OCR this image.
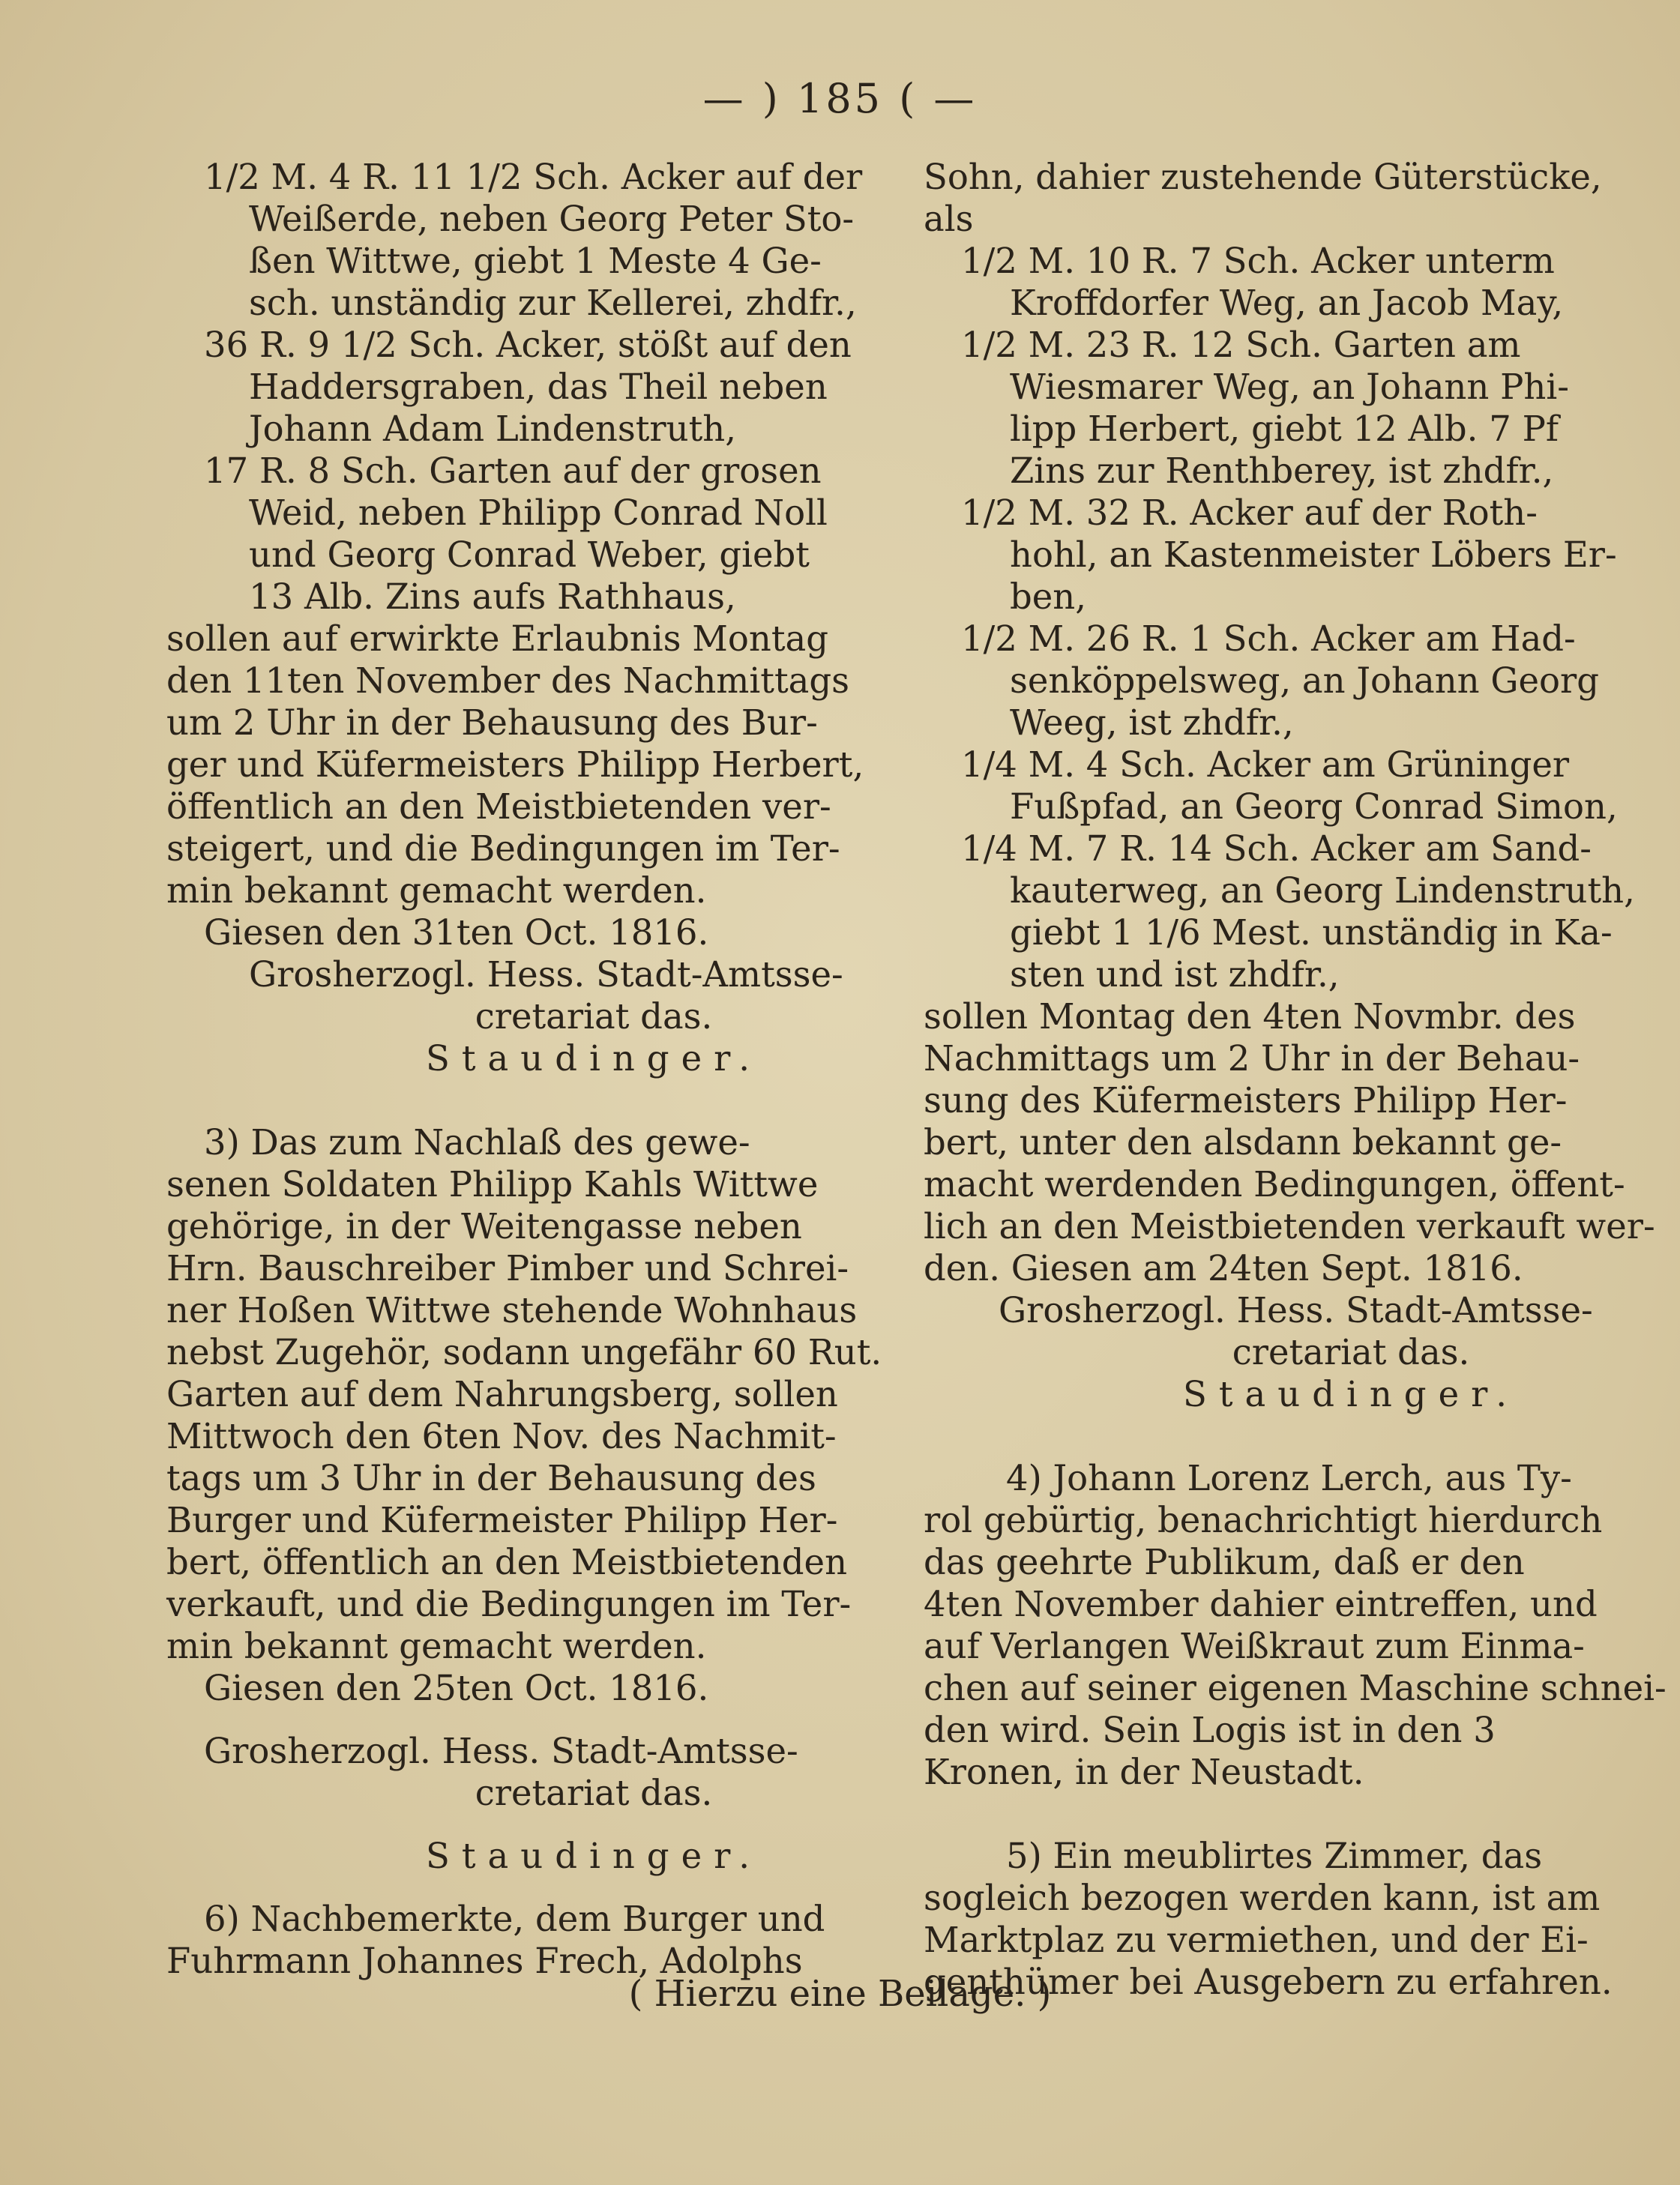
— ) 185 ( —

1/2 M. 4 R. 11 1/2 Sch. Acker auf der

Weißerde, neben Georg Peter Sto-

ßen Wittwe, giebt 1 Meste 4 Ge-

sch. unständig zur Kellerei, zhdfr.,

36 R. 9 1/2 Sch. Acker, stößt auf den

Haddersgraben, das Theil neben

Johann Adam Lindenstruth,

17 R. 8 Sch. Garten auf der grosen

Weid, neben Philipp Conrad Noll

und Georg Conrad Weber, giebt

13 Alb. Zins aufs Rathhaus,

sollen auf erwirkte Erlaubnis Montag

den 11ten November des Nachmittags

um 2 Uhr in der Behausung des Bur-

ger und Küfermeisters Philipp Herbert,

öffentlich an den Meistbietenden ver-

steigert, und die Bedingungen im Ter-

min bekannt gemacht werden.

Giesen den 31ten Oct. 1816.

Grosherzogl. Hess. Stadt-Amtsse-

cretariat das.

Staudinger.

3) Das zum Nachlaß des gewe-

senen Soldaten Philipp Kahls Wittwe

gehörige, in der Weitengasse neben

Hrn. Bauschreiber Pimber und Schrei-

ner Hoßen Wittwe stehende Wohnhaus

nebst Zugehör, sodann ungefähr 60 Rut.

Garten auf dem Nahrungsberg, sollen

Mittwoch den 6ten Nov. des Nachmit-

tags um 3 Uhr in der Behausung des

Burger und Küfermeister Philipp Her-

bert, öffentlich an den Meistbietenden

verkauft, und die Bedingungen im Ter-

min bekannt gemacht werden.

Giesen den 25ten Oct. 1816.

Grosherzogl. Hess. Stadt-Amtsse-

cretariat das.

Staudinger.

6) Nachbemerkte, dem Burger und

Fuhrmann Johannes Frech, Adolphs

Sohn, dahier zustehende Güterstücke,

als

1/2 M. 10 R. 7 Sch. Acker unterm

Kroffdorfer Weg, an Jacob May,

1/2 M. 23 R. 12 Sch. Garten am

Wiesmarer Weg, an Johann Phi-

lipp Herbert, giebt 12 Alb. 7 Pf

Zins zur Renthberey, ist zhdfr.,

1/2 M. 32 R. Acker auf der Roth-

hohl, an Kastenmeister Löbers Er-

ben,

1/2 M. 26 R. 1 Sch. Acker am Had-

senköppelsweg, an Johann Georg

Weeg, ist zhdfr.,

1/4 M. 4 Sch. Acker am Grüninger

Fußpfad, an Georg Conrad Simon,

1/4 M. 7 R. 14 Sch. Acker am Sand-

kauterweg, an Georg Lindenstruth,

giebt 1 1/6 Mest. unständig in Ka-

sten und ist zhdfr.,

sollen Montag den 4ten Novmbr. des

Nachmittags um 2 Uhr in der Behau-

sung des Küfermeisters Philipp Her-

bert, unter den alsdann bekannt ge-

macht werdenden Bedingungen, öffent-

lich an den Meistbietenden verkauft wer-

den. Giesen am 24ten Sept. 1816.

Grosherzogl. Hess. Stadt-Amtsse-

cretariat das.

Staudinger.

4) Johann Lorenz Lerch, aus Ty-

rol gebürtig, benachrichtigt hierdurch

das geehrte Publikum, daß er den

4ten November dahier eintreffen, und

auf Verlangen Weißkraut zum Einma-

chen auf seiner eigenen Maschine schnei-

den wird. Sein Logis ist in den 3

Kronen, in der Neustadt.

5) Ein meublirtes Zimmer, das

sogleich bezogen werden kann, ist am

Marktplaz zu vermiethen, und der Ei-

genthümer bei Ausgebern zu erfahren.

( Hierzu eine Beilage. )
